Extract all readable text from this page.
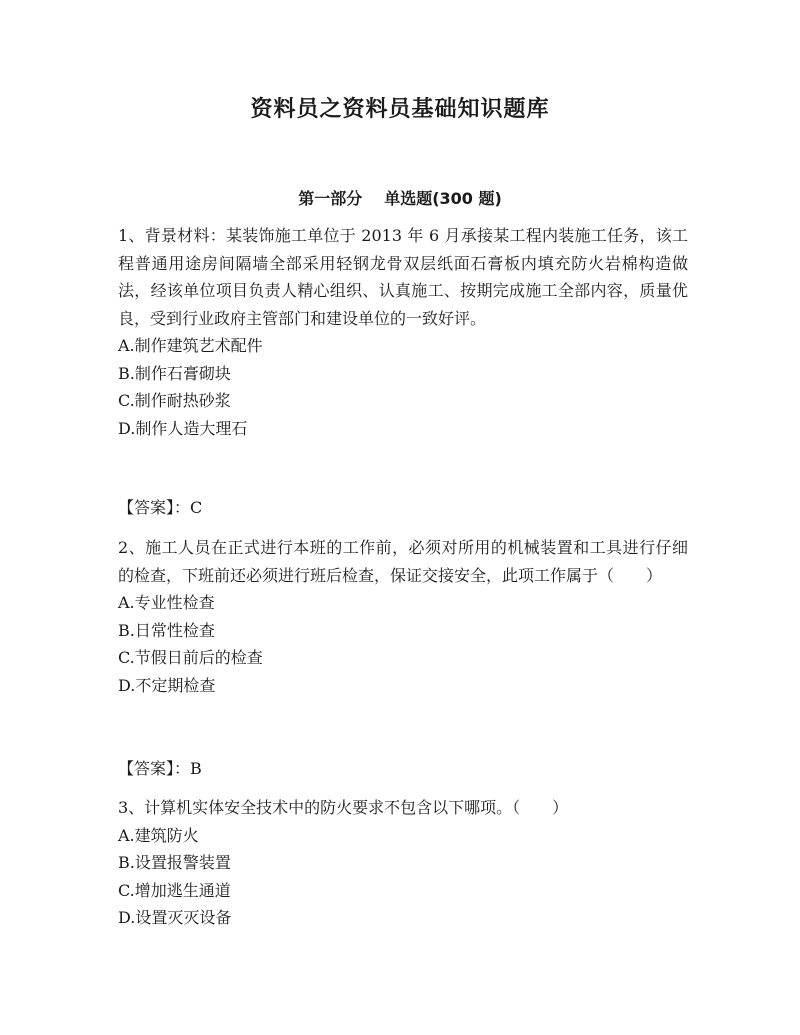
资料员之资料员基础知识题库
第一部分 单选题(300 题)

1、背景材料：某装饰施工单位于 2013 年 6 月承接某工程内装施工任务，该工程普通用途房间隔墙全部采用轻钢龙骨双层纸面石膏板内填充防火岩棉构造做法，经该单位项目负责人精心组织、认真施工、按期完成施工全部内容，质量优良，受到行业政府主管部门和建设单位的一致好评。

A.制作建筑艺术配件

B.制作石膏砌块

C.制作耐热砂浆

D.制作人造大理石

【答案】：C

2、施工人员在正式进行本班的工作前，必须对所用的机械装置和工具进行仔细的检查，下班前还必须进行班后检查，保证交接安全，此项工作属于（　　）

A.专业性检查

B.日常性检查

C.节假日前后的检查

D.不定期检查

【答案】：B

3、计算机实体安全技术中的防火要求不包含以下哪项。（　　）

A.建筑防火

B.设置报警装置

C.增加逃生通道

D.设置灭灭设备
